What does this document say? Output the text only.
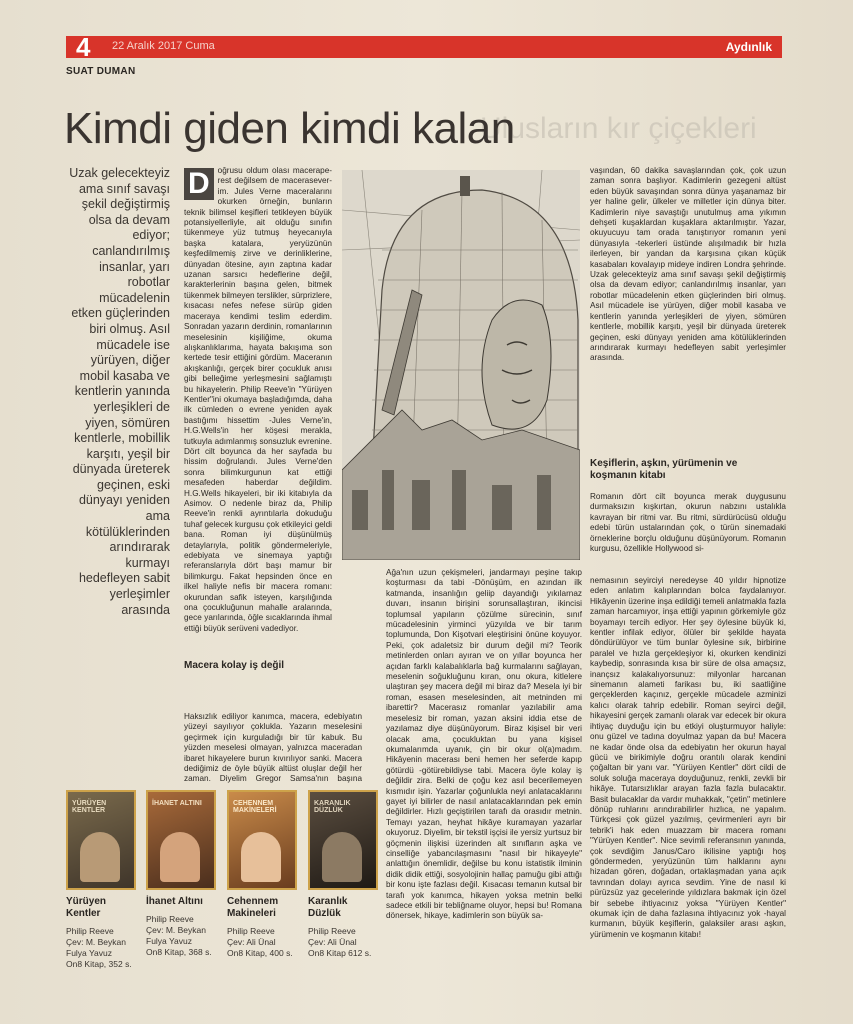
4 22 Aralık 2017 Cuma	Aydınlık
SUAT DUMAN
Ulusların kır çiçekleri
Kimdi giden kimdi kalan
Uzak gelecekteyiz ama sınıf savaşı şekil değiştirmiş olsa da devam ediyor; canlandırılmış insanlar, yarı robotlar mücadelenin etken güçlerinden biri olmuş. Asıl mücadele ise yürüyen, diğer mobil kasaba ve kentlerin yanında yerleşikleri de yiyen, sömüren kentlerle, mobillik karşıtı, yeşil bir dünyada üreterek geçinen, eski dünyayı yeniden ama kötülüklerinden arındırarak kurmayı hedefleyen sabit yerleşimler arasında

D oğrusu oldum olası macerape-rest değilsem de macerasever-im. Jules Verne maceralarını okurken örneğin, bunların teknik bilimsel keşifleri tetikleyen büyük potansiyellerliyle, ait olduğu sınıfın tükenmeye yüz tutmuş heyecanıyla başka katalara, yeryüzünün keşfedilmemiş zirve ve derinliklerine, dünyadan ötesine, ayın zaptına kadar uzanan sarsıcı hedeflerine değil, karakterlerinin başına gelen, bitmek tükenmek bilmeyen terslikler, sürprizlere, kısacası nefes nefese sürüp giden maceraya kendimi teslim ederdim. Sonradan yazarın derdinin, romanlarının meselesinin kişiliğime, okuma alışkanlıklarıma, hayata bakışıma son kertede tesir ettiğini gördüm. Maceranın akışkanlığı, gerçek birer çocukluk anısı gibi belleğime yerleşmesini sağlamıştı bu hikayelerin. Philip Reeve'in "Yürüyen Kentler"ini okumaya başladığımda, daha ilk cümleden o evrene yeniden ayak bastığımı hissettim -Jules Verne'in, H.G.Wells'in her köşesi merakla, tutkuyla adımlanmış sonsuzluk evrenine. Dört cilt boyunca da her sayfada bu hissim doğrulandı. Jules Verne'den sonra bilimkurgunun kat ettiği mesafeden haberdar değildim. H.G.Wells hikayeleri, bir iki kitabıyla da Asimov. O nedenle biraz da, Philip Reeve'in renkli ayrıntılarla dokuduğu tuhaf gelecek kurgusu çok etkileyici geldi bana. Roman iyi düşünülmüş detaylarıyla, politik göndermeleriyle, edebiyata ve sinemaya yaptığı referanslarıyla dört başı mamur bir bilimkurgu. Fakat hepsinden önce en ilkel haliyle nefis bir macera romanı: okurundan safik isteyen, karşılığında ona çocukluğunun mahalle aralarında, gece yarılarında, öğle sıcaklarında ihmal ettiği büyük serüveni vadediyor.

Macera kolay iş değil

Haksızlık ediliyor kanımca, macera, edebiyatın yüzeyi sayılıyor çoklukla. Yazarın meselesini geçirmek için kurguladığı bir tür kabuk. Bu yüzden meselesi olmayan, yalnızca maceradan ibaret hikayelere burun kıvırılıyor sanki. Macera dediğimiz de öyle büyük altüst oluşlar değil her zaman. Diyelim Gregor Samsa'nın başına

Ağa'nın uzun çekişmeleri, jandarmayı peşine takıp koşturması da tabi -Dönüşüm, en azından ilk katmanda, insanlığın geliip dayandığı yıkılarnaz duvarı, insanın birişini sorunsallaştıran, ikincisi toplumsal yapıların çözülme sürecinin, sınıf mücadelesinin yirminci yüzyılda ve bir tarım toplumunda, Don Kişotvari eleştirisini önüne koyuyor. Peki, çok adaletsiz bir durum değil mi? Teorik metinlerden onları ayıran ve on yıllar boyunca her açıdan farklı kalabalıklarla bağ kurmalarını sağlayan, meselenin soğukluğunu kıran, onu okura, kitlelere ulaştıran şey macera değil mi biraz da? Mesela iyi bir roman, esasen meselesinden, ait metninden mi ibarettir? Macerasız romanlar yazılabilir ama meselesiz bir roman, yazan aksini iddia etse de yazılamaz diye düşünüyorum. Biraz kişisel bir veri olacak ama, çocukluktan bu yana kişisel okumalarımda uyanık, çin bir okur ol(a)madım. Hikâyenin macerası beni hemen her seferde kapıp götürdü -götürebildiyse tabi. Macera öyle kolay iş değildir zira. Belki de çoğu kez asıl becerilemeyen kısmıdır işin. Yazarlar çoğunlukla neyi anlatacaklarını gayet iyi bilirler de nasıl anlatacaklarından pek emin değildirler. Hızlı geçiştirilen tarafı da orasıdır metnin. Temayı yazan, heyhat hikâye kuramayan yazarlar okuyoruz. Diyelim, bir tekstil işçisi ile yersiz yurtsuz bir göçmenin ilişkisi üzerinden alt sınıfların aşka ve cinselliğe yabancılaşmasını "nasıl bir hikayeyle" anlattığın önemlidir, değilse bu konu istatistik ilminin didik didik ettiği, sosyolojinin hallaç pamuğu gibi attığı bir konu işte fazlası değil. Kısacası temanın kutsal bir tarafı yok kanımca, hikayen yoksa metnin belki sadece etkili bir tebliğname oluyor, hepsi bu! Romana dönersek, hikaye, kadimlerin son büyük sa-

vaşından, 60 dakika savaşlarından çok, çok uzun zaman sonra başlıyor. Kadimlerin gezegeni altüst eden büyük savaşından sonra dünya yaşanamaz bir yer haline gelir, ülkeler ve milletler için dünya biter. Kadimlerin niye savaştığı unutulmuş ama yıkımın dehşeti kuşaklardan kuşaklara aktarılmıştır. Yazar, okuyucuyu tam orada tanıştırıyor romanın yeni dünyasıyla -tekerleri üstünde alışılmadık bir hızla ilerleyen, bir yandan da karşısına çıkan küçük kasabaları kovalayıp mideye indiren Londra şehrinde. Uzak gelecekteyiz ama sınıf savaşı şekil değiştirmiş olsa da devam ediyor; canlandırılmış insanlar, yarı robotlar mücadelenin etken güçlerinden biri olmuş. Asıl mücadele ise yürüyen, diğer mobil kasaba ve kentlerin yanında yerleşikleri de yiyen, sömüren kentlerle, mobillik karşıtı, yeşil bir dünyada üreterek geçinen, eski dünyayı yeniden ama kötülüklerinden arındırarak kurmayı hedefleyen sabit yerleşimler arasında.

Keşiflerin, aşkın, yürümenin ve koşmanın kitabı

Romanın dört cilt boyunca merak duygusunu durmaksızın kışkırtan, okurun nabzını ustalıkla kavrayan bir ritmi var. Bu ritmi, sürdürücüsü olduğu edebi türün ustalarından çok, o türün sinemadaki örneklerine borçlu olduğunu düşünüyorum. Romanın kurgusu, özellikle Hollywood si-

nemasının seyirciyi neredeyse 40 yıldır hipnotize eden anlatım kalıplarından bolca faydalanıyor. Hikâyenin üzerine inşa edildiği temeli anlatmakla fazla zaman harcamıyor, inşa ettiği yapının görkemiyle göz boyamayı tercih ediyor. Her şey öylesine büyük ki, kentler infilak ediyor, ölüler bir şekilde hayata döndürülüyor ve tüm bunlar öylesine sık, birbirine paralel ve hızla gerçekleşiyor ki, okurken kendinizi kaybedip, sonrasında kısa bir süre de olsa amaçsız, inançsız kalakalıyorsunuz: milyonlar harcanan sinemanın alameti farikası bu, iki saatliğine gerçeklerden kaçınız, gerçekle mücadele azminizi kalıcı olarak tahrip edebilir. Roman seyirci değil, hikayesini gerçek zamanlı olarak var edecek bir okura ihtiyaç duyduğu için bu etkiyi oluşturmuyor haliyle: onu güzel ve tadına doyulmaz yapan da bu! Macera ne kadar önde olsa da edebiyatın her okurun hayal gücü ve birikimiyle doğru orantılı olarak kendini çoğaltan bir yanı var. "Yürüyen Kentler" dört cildi de soluk soluğa maceraya doyduğunuz, renkli, zevkli bir hikâye. Tutarsızlıklar arayan fazla fazla bulacaktır. Basit bulacaklar da vardır muhakkak, "çetin" metinlere dönüp ruhlarını arındırabilirler hızlıca, ne yapalım. Türkçesi çok güzel yazılmış, çevirmenleri ayrı bir tebrik'i hak eden muazzam bir macera romanı "Yürüyen Kentler". Nice sevimli referansının yanında, çok sevdiğim Janus/Caro ikilisine yaptığı hoş göndermeden, yeryüzünün tüm halklarını aynı hizadan gören, doğadan, ortaklaşmadan yana açık tavrından dolayı ayrıca sevdim. Yine de nasıl ki pürüzsüz yaz gecelerinde yıldızlara bakmak için özel bir sebebe ihtiyacınız yoksa "Yürüyen Kentler" okumak için de daha fazlasına ihtiyacınız yok -hayal kurmanın, büyük keşiflerin, galaksiler arası aşkın, yürümenin ve koşmanın kitabı!

YÜRÜYEN KENTLER
Yürüyen Kentler
Philip Reeve
Çev: M. Beykan Fulya Yavuz
On8 Kitap, 352 s.
İHANET ALTINI
İhanet Altını
Philip Reeve
Çev: M. Beykan Fulya Yavuz
On8 Kitap, 368 s.
CEHENNEM MAKİNELERİ
Cehennem Makineleri
Philip Reeve
Çev: Ali Ünal
On8 Kitap, 400 s.
KARANLIK DÜZLÜK
Karanlık Düzlük
Philip Reeve
Çev: Ali Ünal
On8 Kitap 612 s.
